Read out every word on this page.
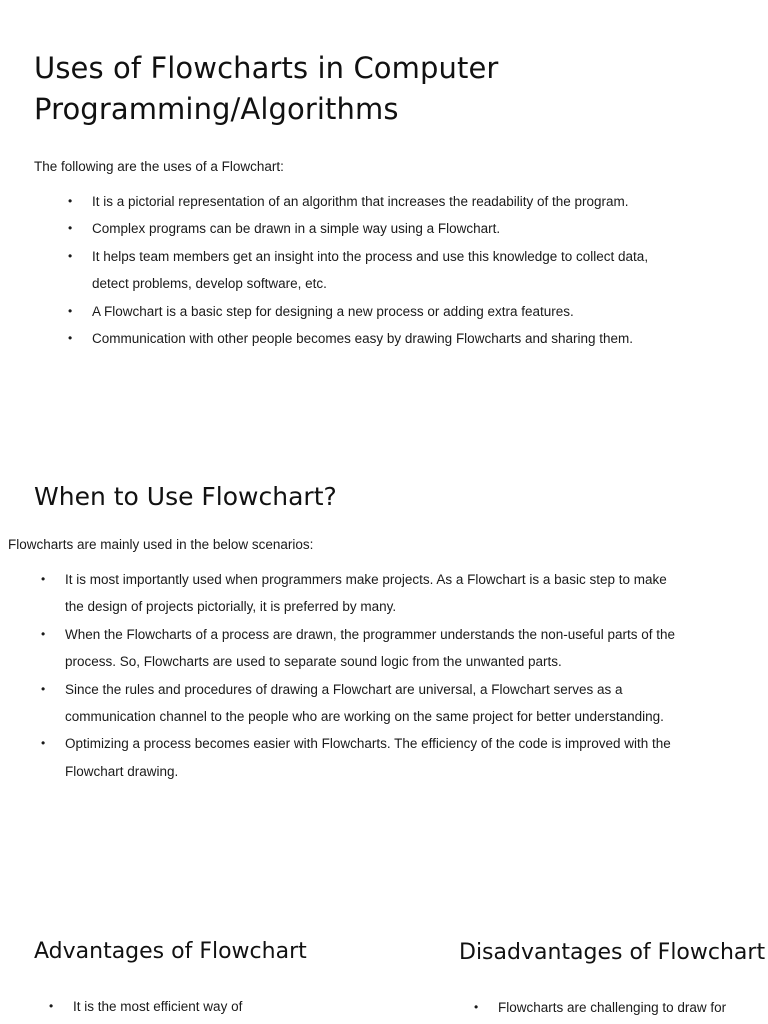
Uses of Flowcharts in Computer
Programming/Algorithms

The following are the uses of a Flowchart:

• It is a pictorial representation of an algorithm that increases the readability of the program.
• Complex programs can be drawn in a simple way using a Flowchart.
• It helps team members get an insight into the process and use this knowledge to collect data,
detect problems, develop software, etc.
• A Flowchart is a basic step for designing a new process or adding extra features.
• Communication with other people becomes easy by drawing Flowcharts and sharing them.
When to Use Flowchart?

Flowcharts are mainly used in the below scenarios:

• It is most importantly used when programmers make projects. As a Flowchart is a basic step to make
the design of projects pictorially, it is preferred by many.
• When the Flowcharts of a process are drawn, the programmer understands the non-useful parts of the
process. So, Flowcharts are used to separate sound logic from the unwanted parts.
• Since the rules and procedures of drawing a Flowchart are universal, a Flowchart serves as a
communication channel to the people who are working on the same project for better understanding.
• Optimizing a process becomes easier with Flowcharts. The efficiency of the code is improved with the
Flowchart drawing.
Advantages of Flowchart
• It is the most efficient way of
Disadvantages of Flowchart
• Flowcharts are challenging to draw for
